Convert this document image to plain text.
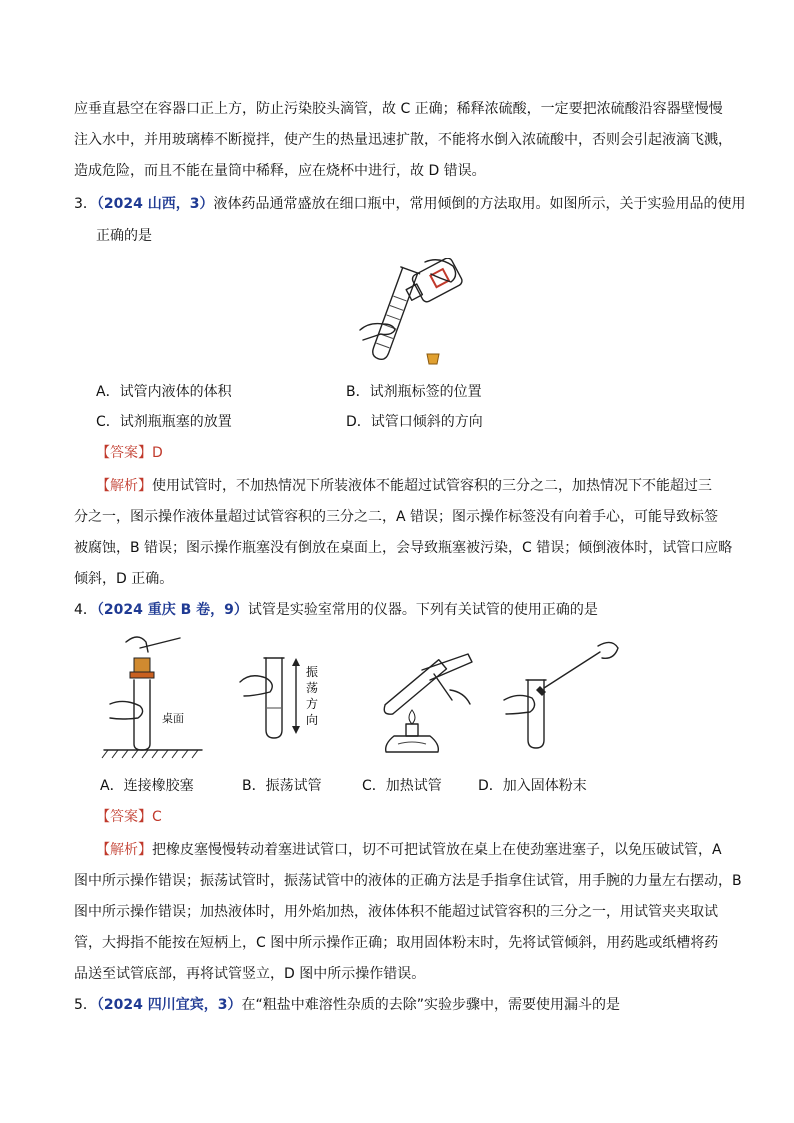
应垂直悬空在容器口正上方，防止污染胶头滴管，故 C 正确；稀释浓硫酸，一定要把浓硫酸沿容器壁慢慢
注入水中，并用玻璃棒不断搅拌，使产生的热量迅速扩散，不能将水倒入浓硫酸中，否则会引起液滴飞溅，
造成危险，而且不能在量筒中稀释，应在烧杯中进行，故 D 错误。
3．（2024 山西，3）液体药品通常盛放在细口瓶中，常用倾倒的方法取用。如图所示，关于实验用品的使用
正确的是
A．试管内液体的体积	B．试剂瓶标签的位置
C．试剂瓶瓶塞的放置	D．试管口倾斜的方向
【答案】D
【解析】使用试管时，不加热情况下所装液体不能超过试管容积的三分之二，加热情况下不能超过三
分之一，图示操作液体量超过试管容积的三分之二，A 错误；图示操作标签没有向着手心，可能导致标签
被腐蚀，B 错误；图示操作瓶塞没有倒放在桌面上，会导致瓶塞被污染，C 错误；倾倒液体时，试管口应略
倾斜，D 正确。
4．（2024 重庆 B 卷，9）试管是实验室常用的仪器。下列有关试管的使用正确的是
桌面
振
荡
方
向
A．连接橡胶塞	B．振荡试管	C．加热试管	D．加入固体粉末
【答案】C
【解析】把橡皮塞慢慢转动着塞进试管口，切不可把试管放在桌上在使劲塞进塞子，以免压破试管，A
图中所示操作错误；振荡试管时，振荡试管中的液体的正确方法是手指拿住试管，用手腕的力量左右摆动，B
图中所示操作错误；加热液体时，用外焰加热，液体体积不能超过试管容积的三分之一，用试管夹夹取试
管，大拇指不能按在短柄上，C 图中所示操作正确；取用固体粉末时，先将试管倾斜，用药匙或纸槽将药
品送至试管底部，再将试管竖立，D 图中所示操作错误。
5．（2024 四川宜宾，3）在“粗盐中难溶性杂质的去除”实验步骤中，需要使用漏斗的是
